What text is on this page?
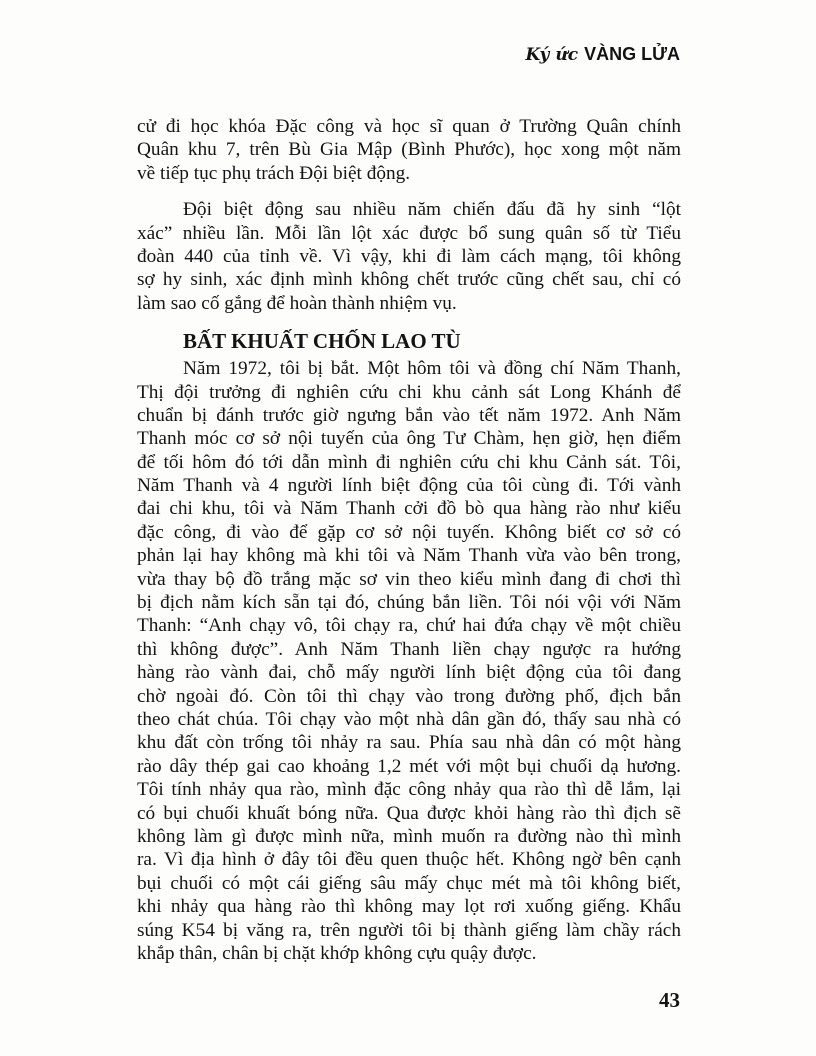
Ký ức VÀNG LỬA
cử đi học khóa Đặc công và học sĩ quan ở Trường Quân chính
Quân khu 7, trên Bù Gia Mập (Bình Phước), học xong một năm
về tiếp tục phụ trách Đội biệt động.
Đội biệt động sau nhiều năm chiến đấu đã hy sinh “lột
xác” nhiều lần. Mỗi lần lột xác được bổ sung quân số từ Tiểu
đoàn 440 của tỉnh về. Vì vậy, khi đi làm cách mạng, tôi không
sợ hy sinh, xác định mình không chết trước cũng chết sau, chỉ có
làm sao cố gắng để hoàn thành nhiệm vụ.
BẤT KHUẤT CHỐN LAO TÙ
Năm 1972, tôi bị bắt. Một hôm tôi và đồng chí Năm Thanh,
Thị đội trưởng đi nghiên cứu chi khu cảnh sát Long Khánh để
chuẩn bị đánh trước giờ ngưng bắn vào tết năm 1972. Anh Năm
Thanh móc cơ sở nội tuyến của ông Tư Chàm, hẹn giờ, hẹn điểm
để tối hôm đó tới dẫn mình đi nghiên cứu chi khu Cảnh sát. Tôi,
Năm Thanh và 4 người lính biệt động của tôi cùng đi. Tới vành
đai chi khu, tôi và Năm Thanh cởi đồ bò qua hàng rào như kiểu
đặc công, đi vào để gặp cơ sở nội tuyến. Không biết cơ sở có
phản lại hay không mà khi tôi và Năm Thanh vừa vào bên trong,
vừa thay bộ đồ trắng mặc sơ vin theo kiểu mình đang đi chơi thì
bị địch nằm kích sẵn tại đó, chúng bắn liền. Tôi nói vội với Năm
Thanh: “Anh chạy vô, tôi chạy ra, chứ hai đứa chạy về một chiều
thì không được”. Anh Năm Thanh liền chạy ngược ra hướng
hàng rào vành đai, chỗ mấy người lính biệt động của tôi đang
chờ ngoài đó. Còn tôi thì chạy vào trong đường phố, địch bắn
theo chát chúa. Tôi chạy vào một nhà dân gần đó, thấy sau nhà có
khu đất còn trống tôi nhảy ra sau. Phía sau nhà dân có một hàng
rào dây thép gai cao khoảng 1,2 mét với một bụi chuối dạ hương.
Tôi tính nhảy qua rào, mình đặc công nhảy qua rào thì dễ lắm, lại
có bụi chuối khuất bóng nữa. Qua được khỏi hàng rào thì địch sẽ
không làm gì được mình nữa, mình muốn ra đường nào thì mình
ra. Vì địa hình ở đây tôi đều quen thuộc hết. Không ngờ bên cạnh
bụi chuối có một cái giếng sâu mấy chục mét mà tôi không biết,
khi nhảy qua hàng rào thì không may lọt rơi xuống giếng. Khẩu
súng K54 bị văng ra, trên người tôi bị thành giếng làm chầy rách
khắp thân, chân bị chặt khớp không cựu quậy được.
43
